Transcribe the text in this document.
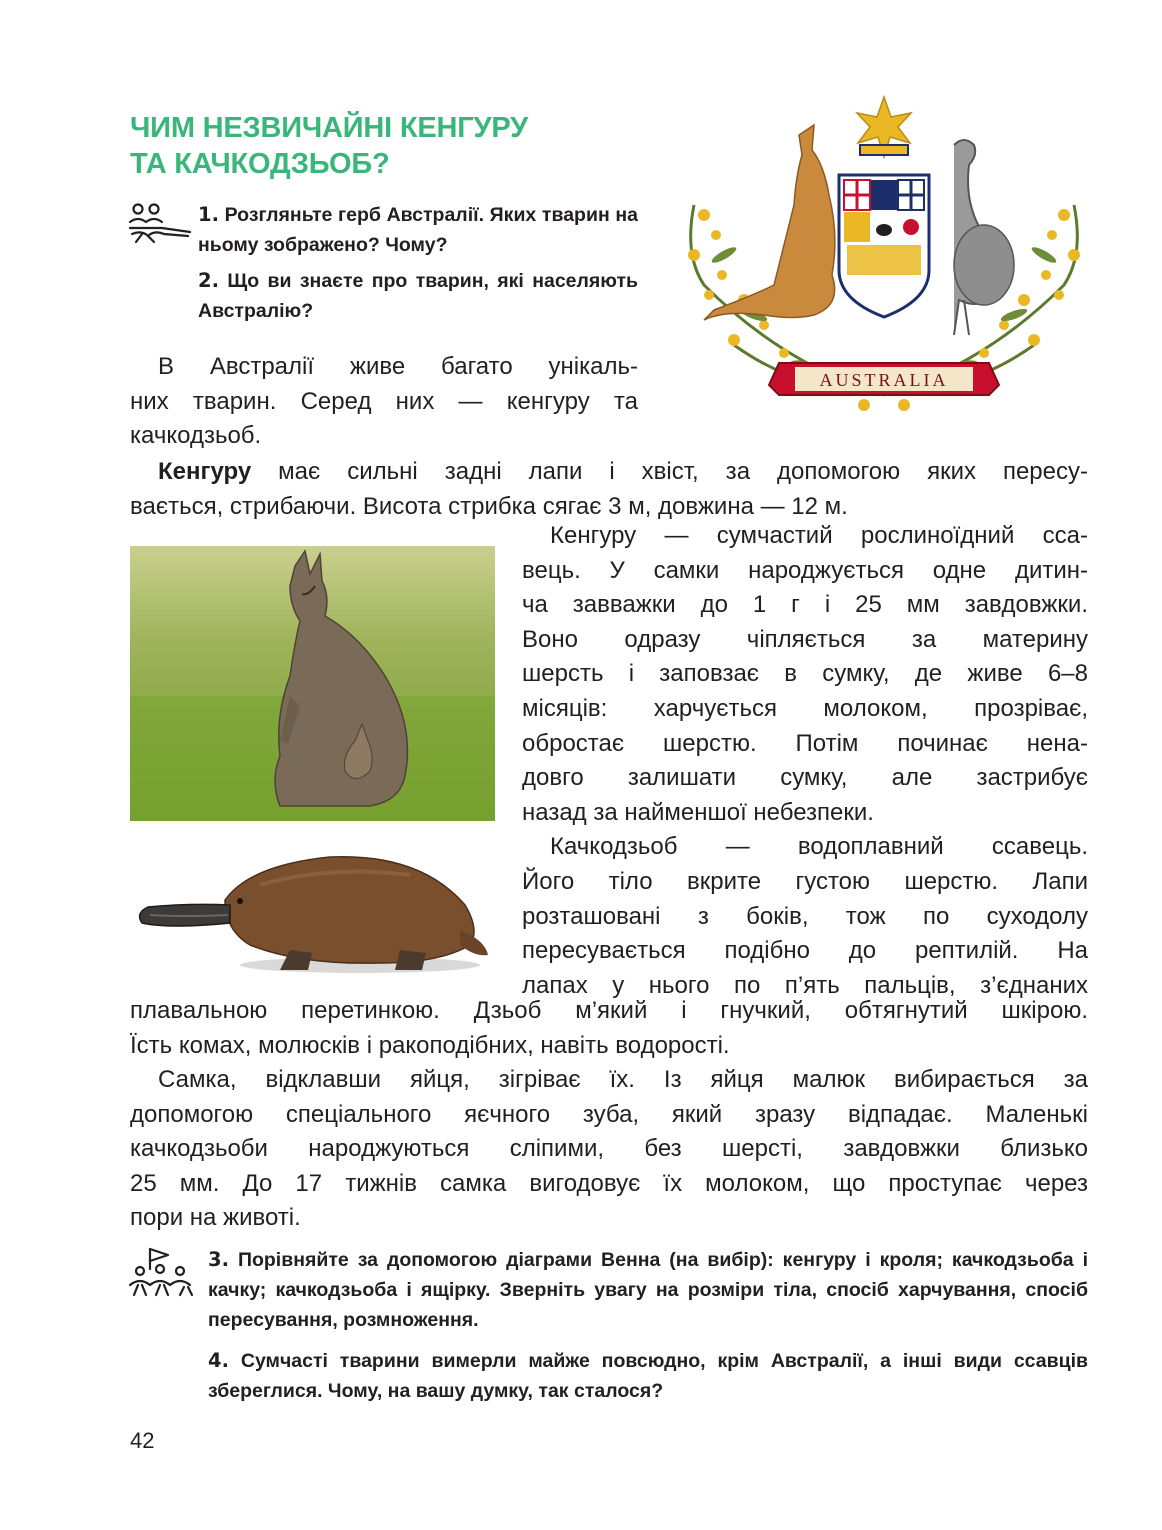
ЧИМ НЕЗВИЧАЙНІ КЕНГУРУ
ТА КАЧКОДЗЬОБ?
1. Розгляньте герб Австралії. Яких тварин на ньому зображено? Чому?
2. Що ви знаєте про тварин, які населяють Австралію?
AUSTRALIA
В Австралії живе багато унікаль-
них тварин. Серед них — кенгуру та
качкодзьоб.
Кенгуру має сильні задні лапи і хвіст, за допомогою яких пересу-
вається, стрибаючи. Висота стрибка сягає 3 м, довжина — 12 м.
Кенгуру — сумчастий рослиноїдний сса-
вець. У самки народжується одне дитин-
ча завважки до 1 г і 25 мм завдовжки.
Воно одразу чіпляється за материну
шерсть і заповзає в сумку, де живе 6–8
місяців: харчується молоком, прозріває,
обростає шерстю. Потім починає нена-
довго залишати сумку, але застрибує
назад за найменшої небезпеки.
Качкодзьоб — водоплавний ссавець.
Його тіло вкрите густою шерстю. Лапи
розташовані з боків, тож по суходолу
пересувається подібно до рептилій. На
лапах у нього по п’ять пальців, з’єднаних
плавальною перетинкою. Дзьоб м’який і гнучкий, обтягнутий шкірою.
Їсть комах, молюсків і ракоподібних, навіть водорості.
Самка, відклавши яйця, зігріває їх. Із яйця малюк вибирається за
допомогою спеціального яєчного зуба, який зразу відпадає. Маленькі
качкодзьоби народжуються сліпими, без шерсті, завдовжки близько
25 мм. До 17 тижнів самка вигодовує їх молоком, що проступає через
пори на животі.
3. Порівняйте за допомогою діаграми Венна (на вибір): кенгуру і кроля; качкодзьоба і качку; качкодзьоба і ящірку. Зверніть увагу на розміри тіла, спосіб харчування, спосіб пересування, розмноження.
4. Сумчасті тварини вимерли майже повсюдно, крім Австралії, а інші види ссавців збереглися. Чому, на вашу думку, так сталося?
42
